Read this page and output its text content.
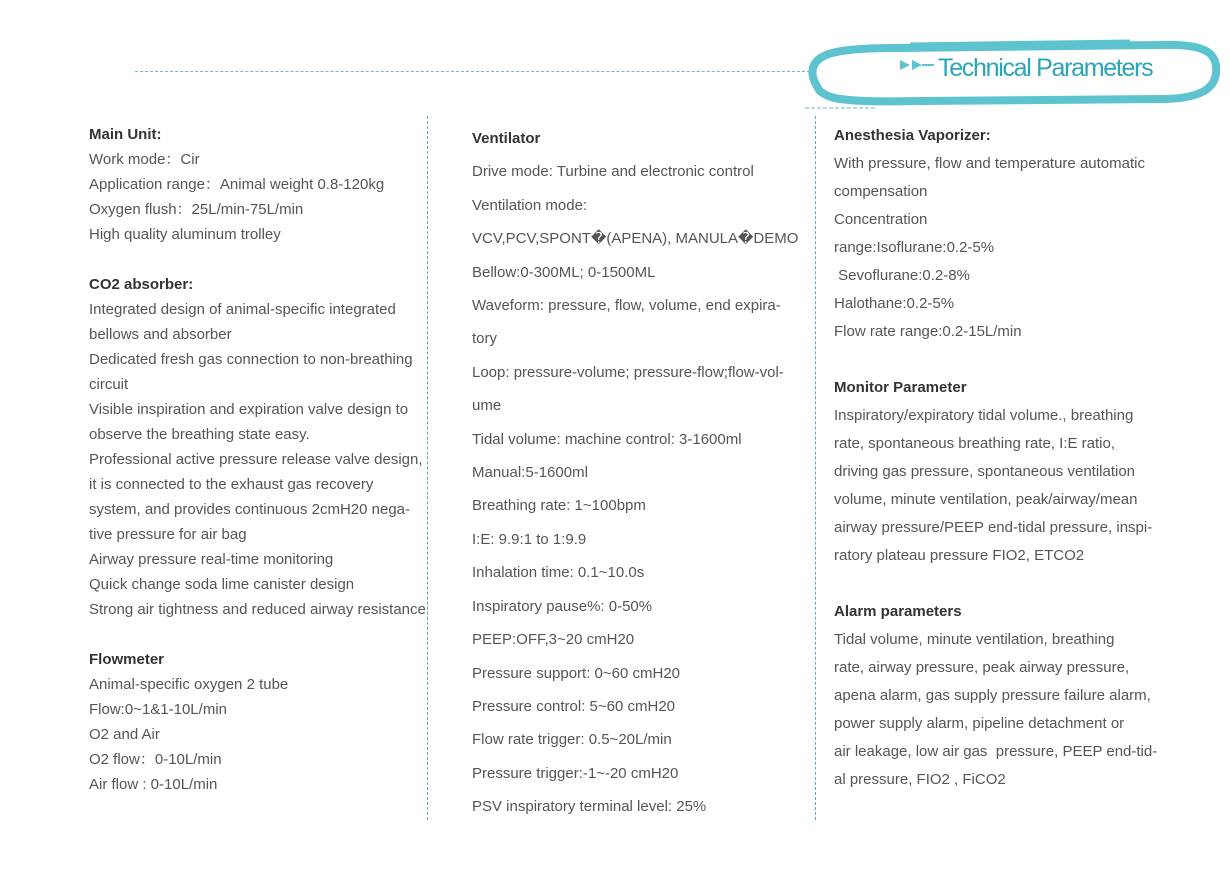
Technical Parameters
Main Unit:
Work mode：Cir
Application range：Animal weight 0.8-120kg
Oxygen flush：25L/min-75L/min
High quality aluminum trolley
CO2 absorber:
Integrated design of animal-specific integrated
bellows and absorber
Dedicated fresh gas connection to non-breathing
circuit
Visible inspiration and expiration valve design to
observe the breathing state easy.
Professional active pressure release valve design,
it is connected to the exhaust gas recovery
system, and provides continuous 2cmH20 nega-
tive pressure for air bag
Airway pressure real-time monitoring
Quick change soda lime canister design
Strong air tightness and reduced airway resistance
Flowmeter
Animal-specific oxygen 2 tube
Flow:0~1&1-10L/min
O2 and Air
O2 flow：0-10L/min
Air flow : 0-10L/min
Ventilator
Drive mode: Turbine and electronic control
Ventilation mode:
VCV,PCV,SPONT�(APENA), MANULA�DEMO
Bellow:0-300ML; 0-1500ML
Waveform: pressure, flow, volume, end expira-
tory
Loop: pressure-volume; pressure-flow;flow-vol-
ume
Tidal volume: machine control: 3-1600ml
Manual:5-1600ml
Breathing rate: 1~100bpm
I:E: 9.9:1 to 1:9.9
Inhalation time: 0.1~10.0s
Inspiratory pause%: 0-50%
PEEP:OFF,3~20 cmH20
Pressure support: 0~60 cmH20
Pressure control: 5~60 cmH20
Flow rate trigger: 0.5~20L/min
Pressure trigger:-1~-20 cmH20
PSV inspiratory terminal level: 25%
Anesthesia Vaporizer:
With pressure, flow and temperature automatic
compensation
Concentration
range:Isoflurane:0.2-5%
Sevoflurane:0.2-8%
Halothane:0.2-5%
Flow rate range:0.2-15L/min
Monitor Parameter
Inspiratory/expiratory tidal volume., breathing
rate, spontaneous breathing rate, I:E ratio,
driving gas pressure, spontaneous ventilation
volume, minute ventilation, peak/airway/mean
airway pressure/PEEP end-tidal pressure, inspi-
ratory plateau pressure FIO2, ETCO2
Alarm parameters
Tidal volume, minute ventilation, breathing
rate, airway pressure, peak airway pressure,
apena alarm, gas supply pressure failure alarm,
power supply alarm, pipeline detachment or
air leakage, low air gas  pressure, PEEP end-tid-
al pressure, FIO2 , FiCO2
